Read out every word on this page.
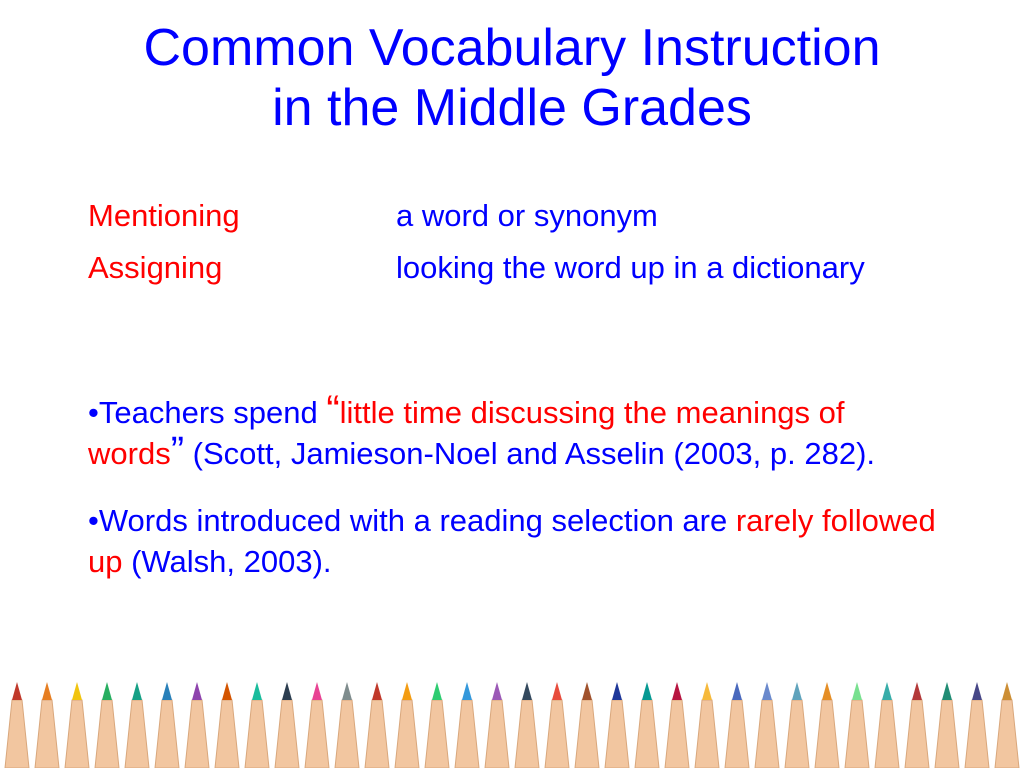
Common Vocabulary Instruction
in the Middle Grades
Mentioning	a word or synonym
Assigning	looking the word up in a dictionary

•Teachers spend “little time discussing the meanings of words” (Scott, Jamieson-Noel and Asselin (2003, p. 282).

•Words introduced with a reading selection are rarely followed up (Walsh, 2003).
